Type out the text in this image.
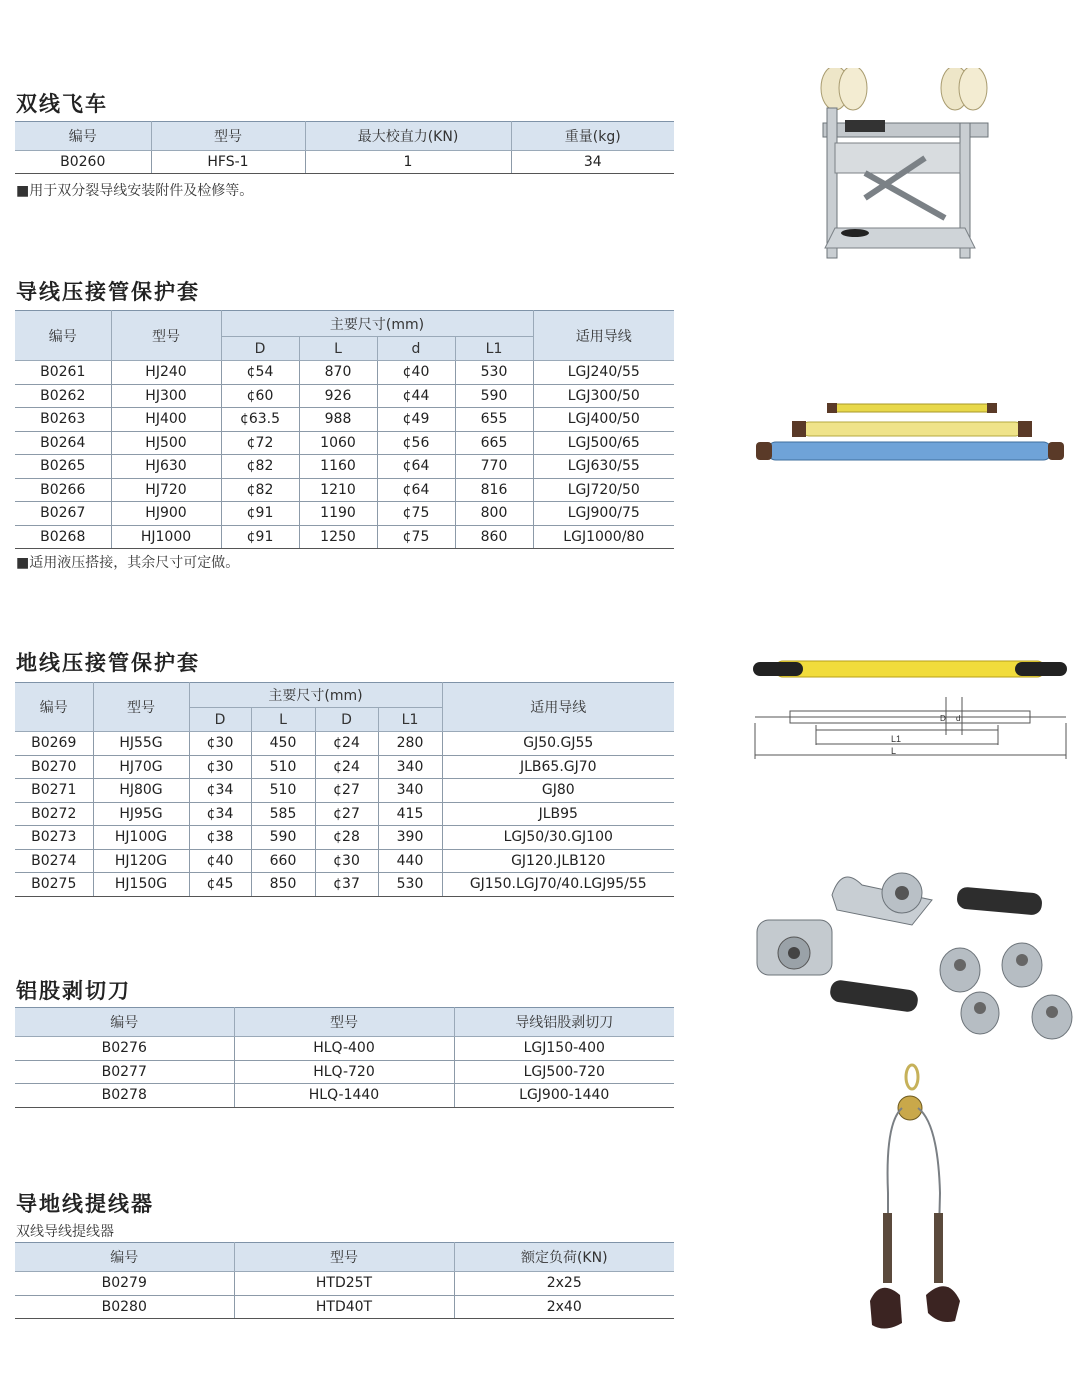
双线飞车
编号	型号	最大校直力(KN)	重量(kg)
B0260	HFS-1	1	34
■用于双分裂导线安装附件及检修等。
导线压接管保护套
编号	型号	主要尺寸(mm)				适用导线
		D	L	d	L1	
B0261	HJ240	¢54	870	¢40	530	LGJ240/55
B0262	HJ300	¢60	926	¢44	590	LGJ300/50
B0263	HJ400	¢63.5	988	¢49	655	LGJ400/50
B0264	HJ500	¢72	1060	¢56	665	LGJ500/65
B0265	HJ630	¢82	1160	¢64	770	LGJ630/55
B0266	HJ720	¢82	1210	¢64	816	LGJ720/50
B0267	HJ900	¢91	1190	¢75	800	LGJ900/75
B0268	HJ1000	¢91	1250	¢75	860	LGJ1000/80
■适用液压搭接，其余尺寸可定做。
地线压接管保护套
编号	型号	主要尺寸(mm)				适用导线
		D	L	D	L1	
B0269	HJ55G	¢30	450	¢24	280	GJ50.GJ55
B0270	HJ70G	¢30	510	¢24	340	JLB65.GJ70
B0271	HJ80G	¢34	510	¢27	340	GJ80
B0272	HJ95G	¢34	585	¢27	415	JLB95
B0273	HJ100G	¢38	590	¢28	390	LGJ50/30.GJ100
B0274	HJ120G	¢40	660	¢30	440	GJ120.JLB120
B0275	HJ150G	¢45	850	¢37	530	GJ150.LGJ70/40.LGJ95/55
L1
L
D d
铝股剥切刀
编号	型号	导线铝股剥切刀
B0276	HLQ-400	LGJ150-400
B0277	HLQ-720	LGJ500-720
B0278	HLQ-1440	LGJ900-1440
导地线提线器
双线导线提线器
编号	型号	额定负荷(KN)
B0279	HTD25T	2x25
B0280	HTD40T	2x40
